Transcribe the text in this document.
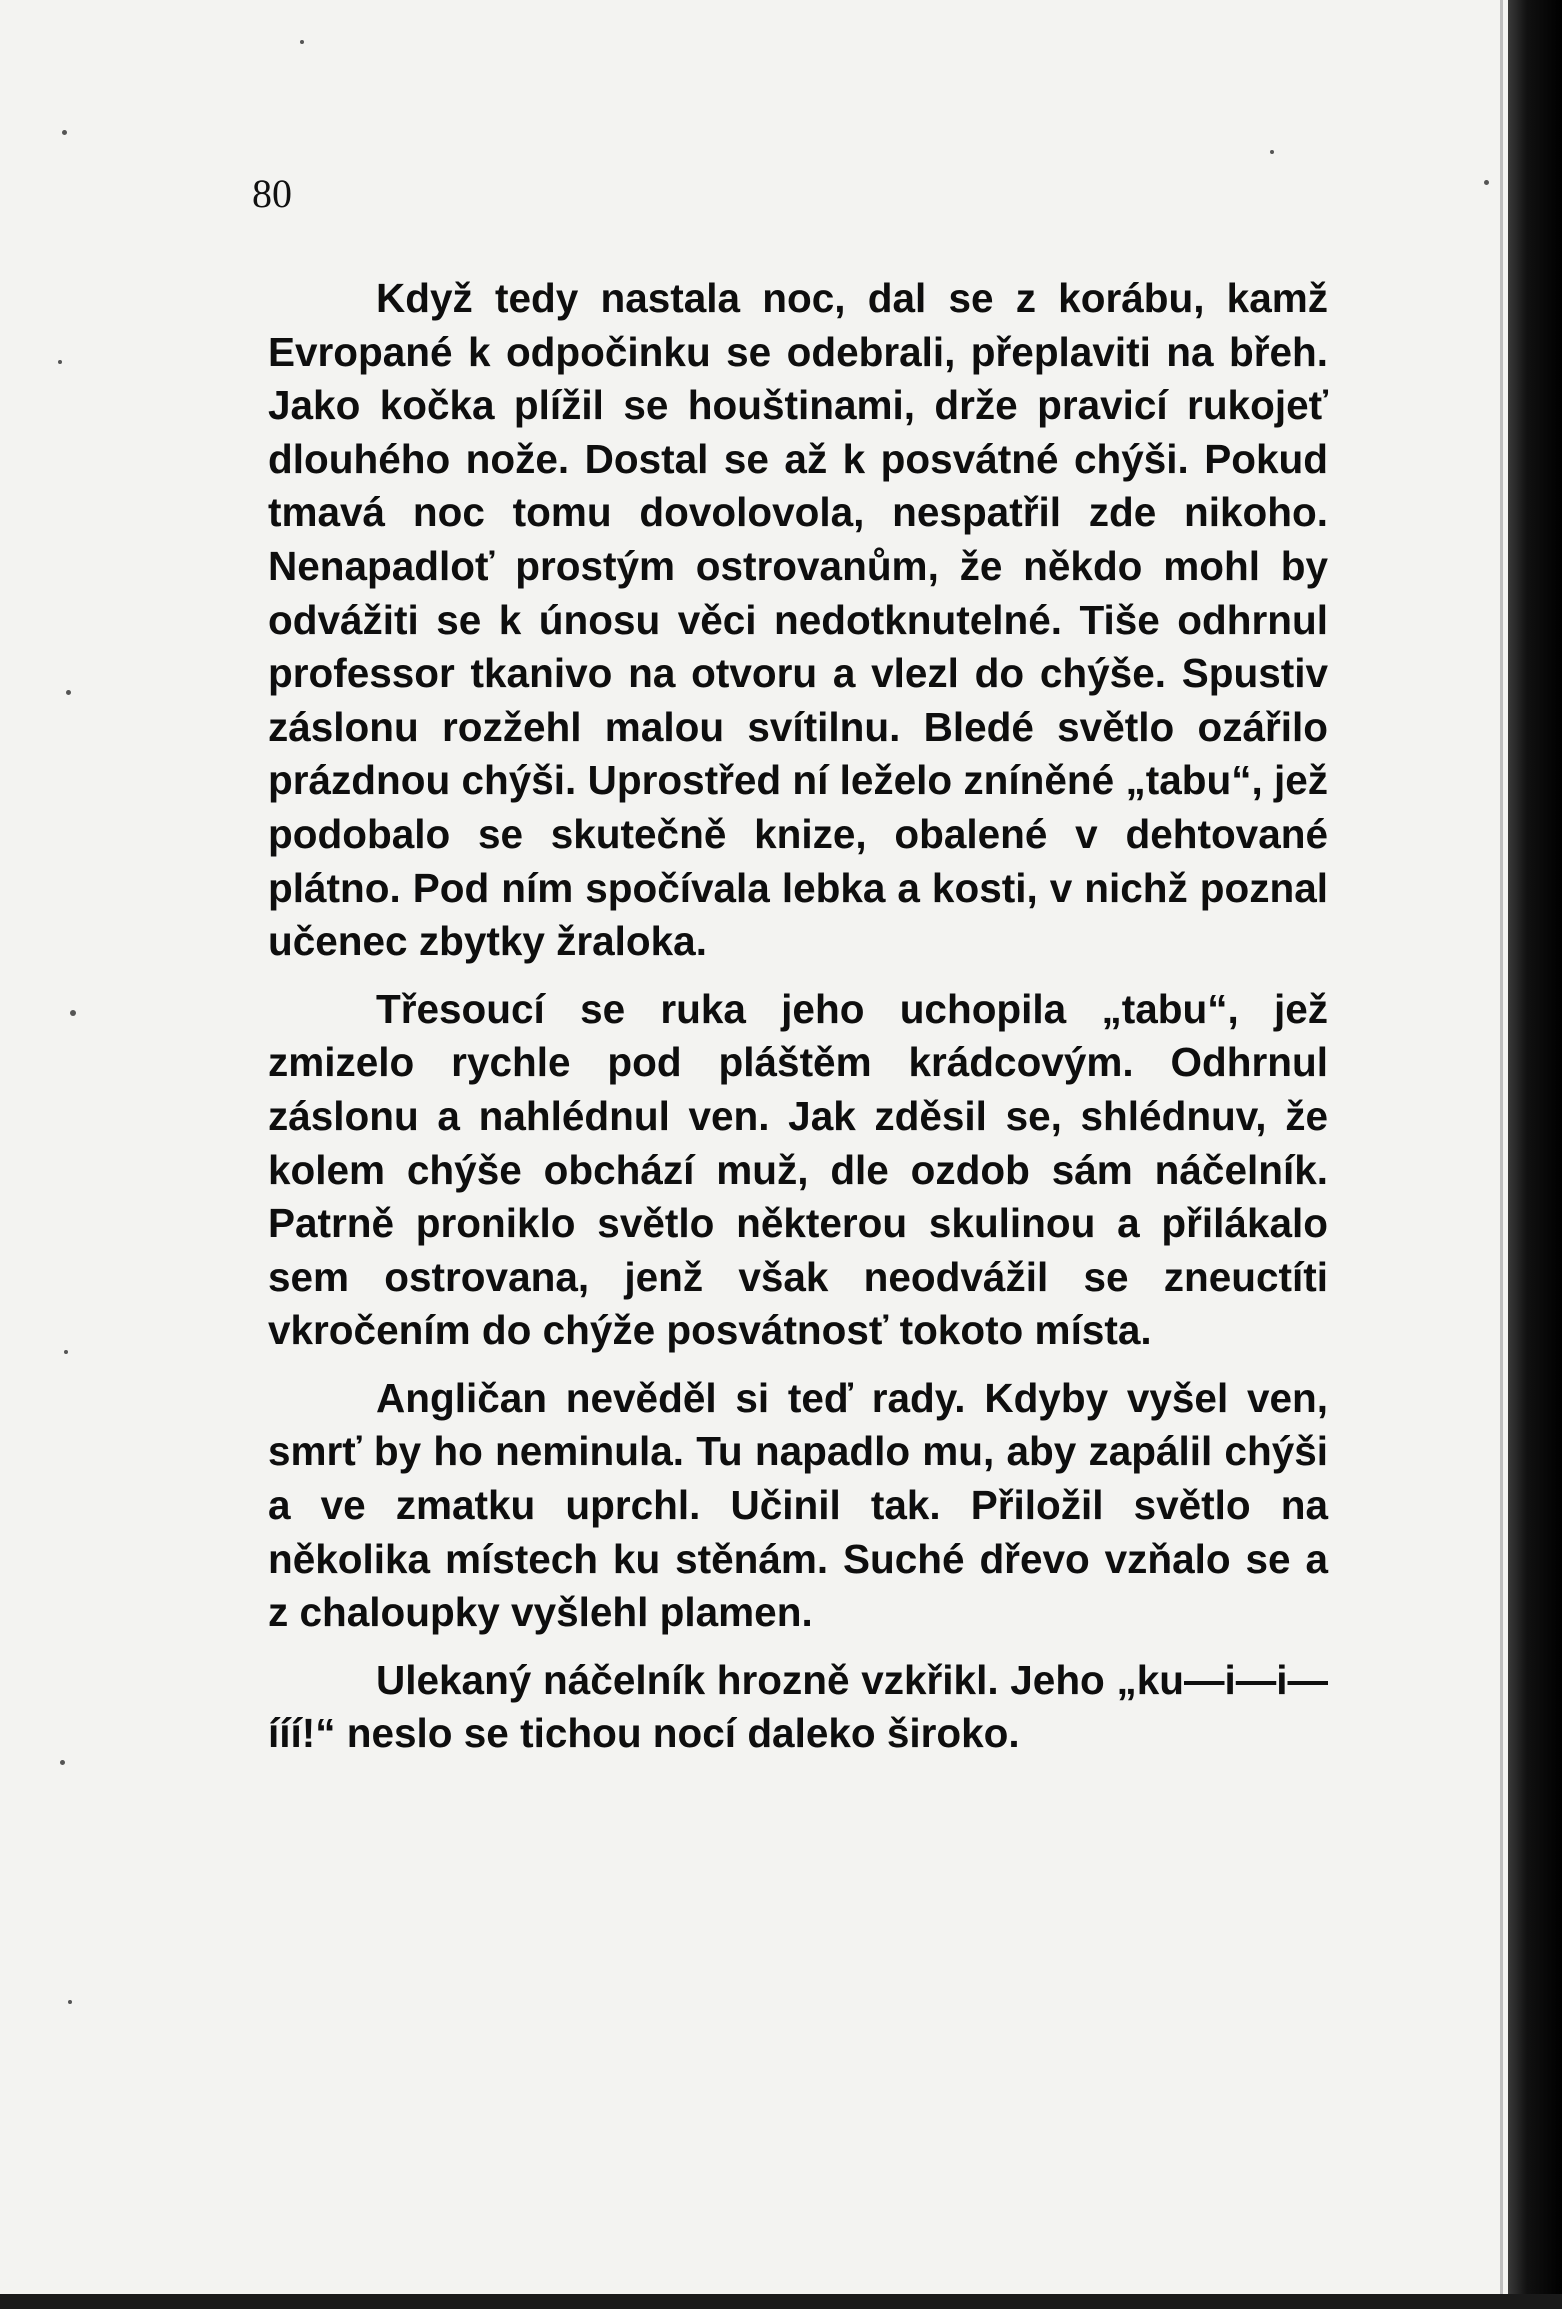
80

Když tedy nastala noc, dal se z korábu, kamž Evropané k odpočinku se odebrali, přeplaviti na břeh. Jako kočka plížil se houštinami, drže pravicí rukojeť dlouhého nože. Dostal se až k posvátné chýši. Pokud tmavá noc tomu dovolovola, nespatřil zde nikoho. Nenapadloť prostým ostrovanům, že někdo mohl by odvážiti se k únosu věci nedotknutelné. Tiše odhrnul professor tkanivo na otvoru a vlezl do chýše. Spustiv záslonu rozžehl malou svítilnu. Bledé světlo ozářilo prázdnou chýši. Uprostřed ní leželo zníněné „tabu“, jež podobalo se skutečně knize, obalené v dehtované plátno. Pod ním spočívala lebka a kosti, v nichž poznal učenec zbytky žraloka.

Třesoucí se ruka jeho uchopila „tabu“, jež zmizelo rychle pod pláštěm krádcovým. Odhrnul záslonu a nahlédnul ven. Jak zděsil se, shlédnuv, že kolem chýše obchází muž, dle ozdob sám náčelník. Patrně proniklo světlo některou skulinou a přilákalo sem ostrovana, jenž však neodvážil se zneuctíti vkročením do chýže posvátnosť tokoto místa.

Angličan nevěděl si teď rady. Kdyby vyšel ven, smrť by ho neminula. Tu napadlo mu, aby zapálil chýši a ve zmatku uprchl. Učinil tak. Přiložil světlo na několika místech ku stěnám. Suché dřevo vzňalo se a z chaloupky vyšlehl plamen.

Ulekaný náčelník hrozně vzkřikl. Jeho „ku—i—i—ííí!“ neslo se tichou nocí daleko široko.
